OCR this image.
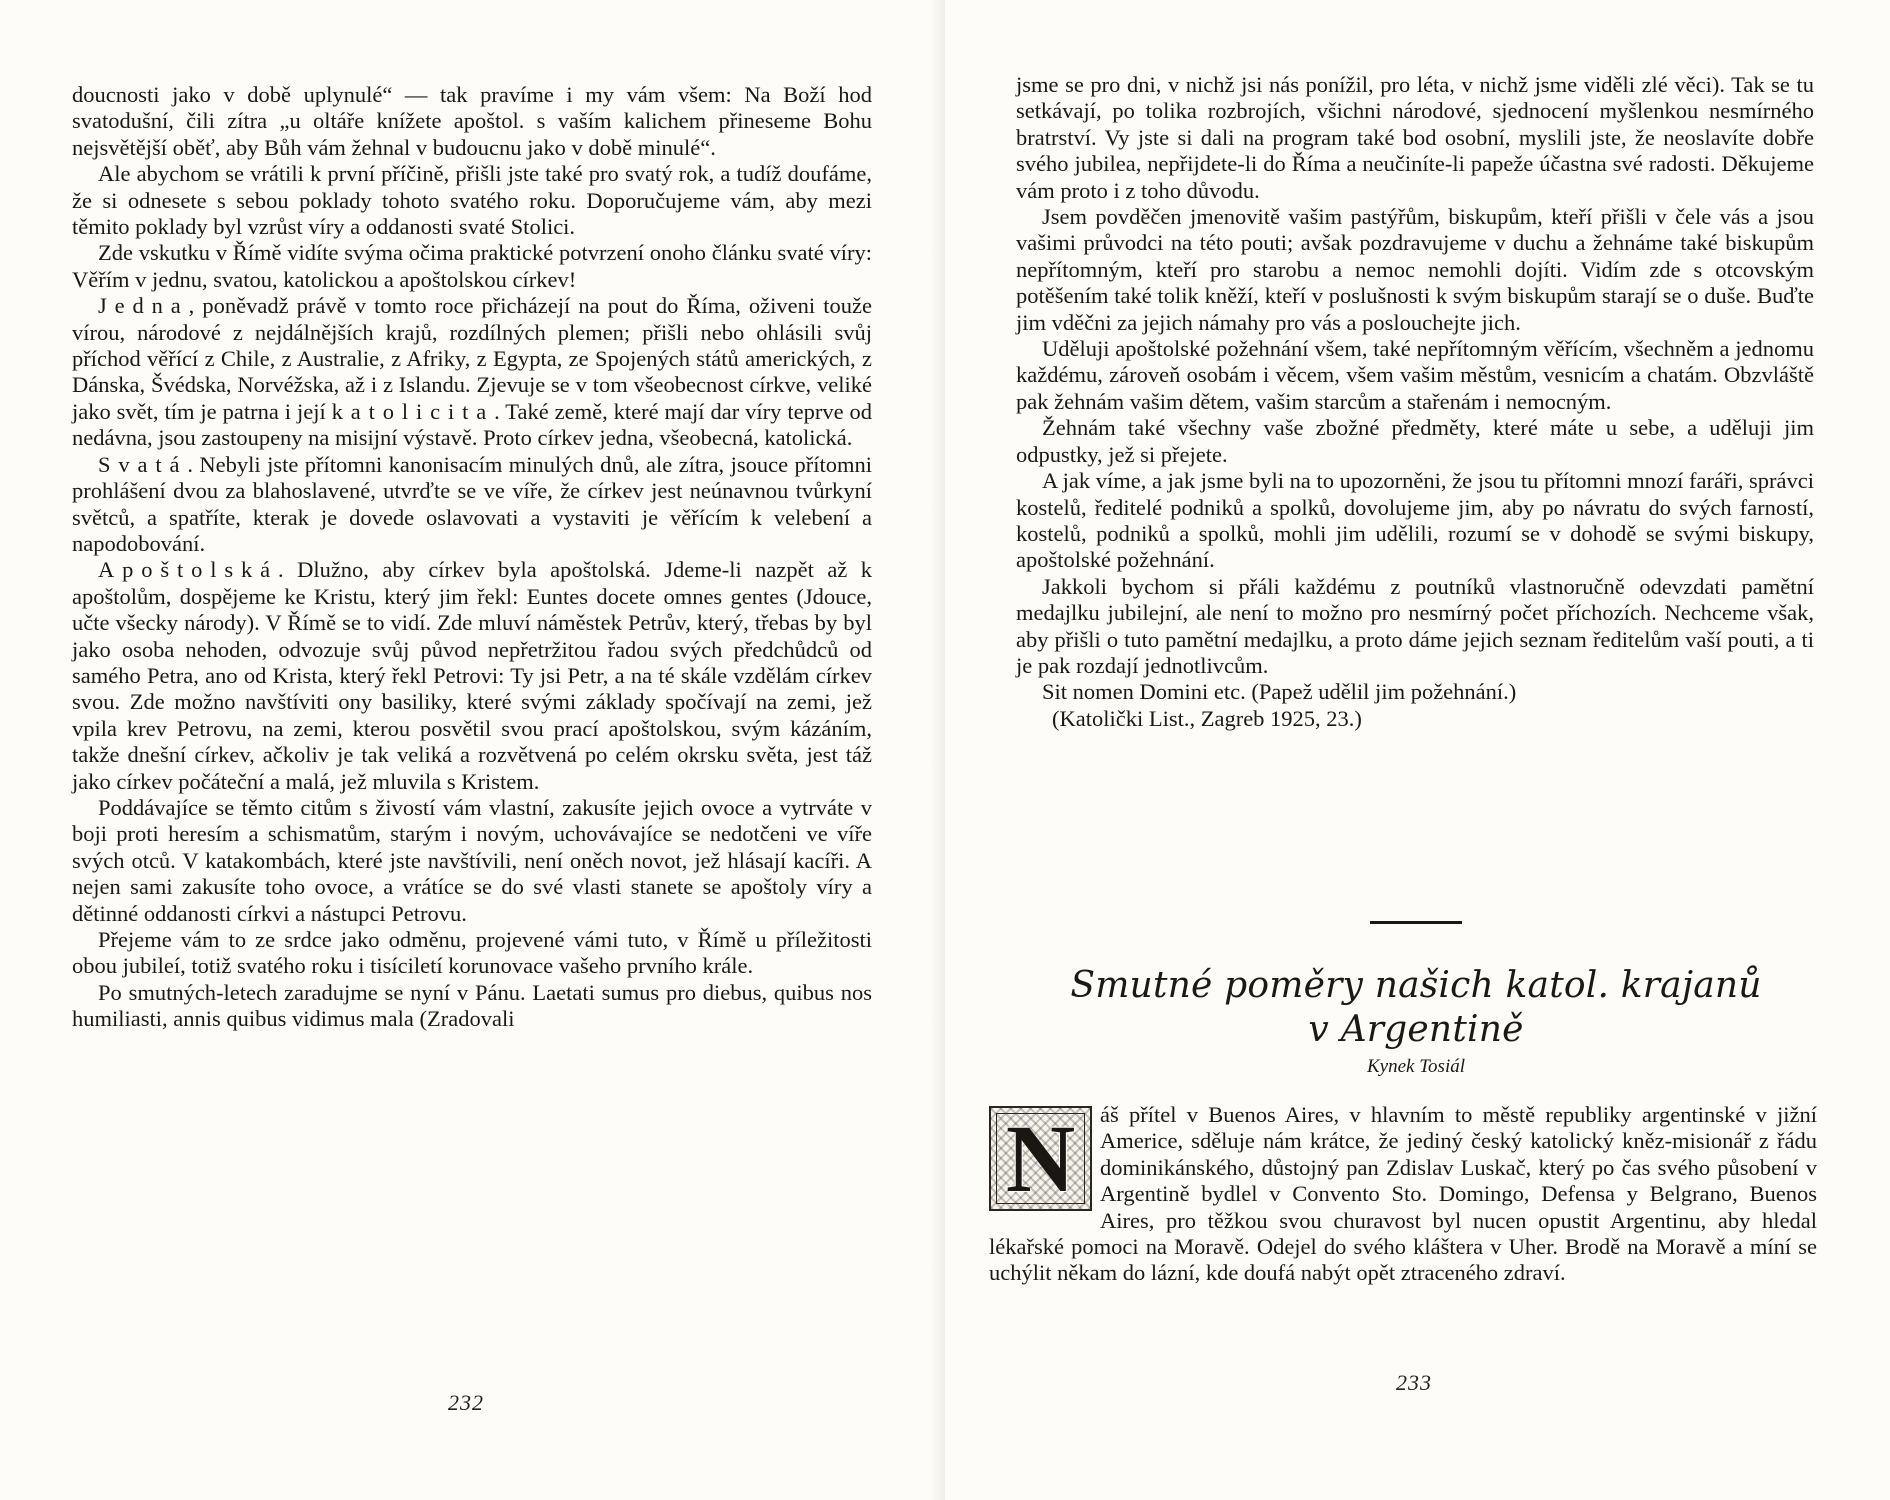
doucnosti jako v době uplynulé“ — tak pravíme i my vám všem: Na Boží hod svatodušní, čili zítra „u oltáře knížete apoštol. s vaším kalichem přineseme Bohu nejsvětější oběť, aby Bůh vám žehnal v budoucnu jako v době minulé“.

Ale abychom se vrátili k první příčině, přišli jste také pro svatý rok, a tudíž doufáme, že si odnesete s sebou poklady tohoto svatého roku. Doporučujeme vám, aby mezi těmito poklady byl vzrůst víry a oddanosti svaté Stolici.

Zde vskutku v Římě vidíte svýma očima praktické potvrzení onoho článku svaté víry: Věřím v jednu, svatou, katolickou a apoštolskou církev!

Jedna, poněvadž právě v tomto roce přicházejí na pout do Říma, oživeni touže vírou, národové z nejdálnějších krajů, rozdílných plemen; přišli nebo ohlásili svůj příchod věřící z Chile, z Australie, z Afriky, z Egypta, ze Spojených států amerických, z Dánska, Švédska, Norvéžska, až i z Islandu. Zjevuje se v tom všeobecnost církve, veliké jako svět, tím je patrna i její katolicita. Také země, které mají dar víry teprve od nedávna, jsou zastoupeny na misijní výstavě. Proto církev jedna, všeobecná, katolická.

Svatá. Nebyli jste přítomni kanonisacím minulých dnů, ale zítra, jsouce přítomni prohlášení dvou za blahoslavené, utvrďte se ve víře, že církev jest neúnavnou tvůrkyní světců, a spatříte, kterak je dovede oslavovati a vystaviti je věřícím k velebení a napodobování.

Apoštolská. Dlužno, aby církev byla apoštolská. Jdeme-li nazpět až k apoštolům, dospějeme ke Kristu, který jim řekl: Euntes docete omnes gentes (Jdouce, učte všecky národy). V Římě se to vidí. Zde mluví náměstek Petrův, který, třebas by byl jako osoba nehoden, odvozuje svůj původ nepřetržitou řadou svých předchůdců od samého Petra, ano od Krista, který řekl Petrovi: Ty jsi Petr, a na té skále vzdělám církev svou. Zde možno navštíviti ony basiliky, které svými základy spočívají na zemi, jež vpila krev Petrovu, na zemi, kterou posvětil svou prací apoštolskou, svým kázáním, takže dnešní církev, ačkoliv je tak veliká a rozvětvená po celém okrsku světa, jest táž jako církev počáteční a malá, jež mluvila s Kristem.

Poddávajíce se těmto citům s živostí vám vlastní, zakusíte jejich ovoce a vytrváte v boji proti heresím a schismatům, starým i novým, uchovávajíce se nedotčeni ve víře svých otců. V katakombách, které jste navštívili, není oněch novot, jež hlásají kacíři. A nejen sami zakusíte toho ovoce, a vrátíce se do své vlasti stanete se apoštoly víry a dětinné oddanosti církvi a nástupci Petrovu.

Přejeme vám to ze srdce jako odměnu, projevené vámi tuto, v Římě u příležitosti obou jubileí, totiž svatého roku i tisíciletí korunovace vašeho prvního krále.

Po smutných-letech zaradujme se nyní v Pánu. Laetati sumus pro diebus, quibus nos humiliasti, annis quibus vidimus mala (Zradovali

232

jsme se pro dni, v nichž jsi nás ponížil, pro léta, v nichž jsme viděli zlé věci). Tak se tu setkávají, po tolika rozbrojích, všichni národové, sjednocení myšlenkou nesmírného bratrství. Vy jste si dali na program také bod osobní, myslili jste, že neoslavíte dobře svého jubilea, nepřijdete-li do Říma a neučiníte-li papeže účastna své radosti. Děkujeme vám proto i z toho důvodu.

Jsem povděčen jmenovitě vašim pastýřům, biskupům, kteří přišli v čele vás a jsou vašimi průvodci na této pouti; avšak pozdravujeme v duchu a žehnáme také biskupům nepřítomným, kteří pro starobu a nemoc nemohli dojíti. Vidím zde s otcovským potěšením také tolik kněží, kteří v poslušnosti k svým biskupům starají se o duše. Buďte jim vděčni za jejich námahy pro vás a poslouchejte jich.

Uděluji apoštolské požehnání všem, také nepřítomným věřícím, všechněm a jednomu každému, zároveň osobám i věcem, všem vašim městům, vesnicím a chatám. Obzvláště pak žehnám vašim dětem, vašim starcům a stařenám i nemocným.

Žehnám také všechny vaše zbožné předměty, které máte u sebe, a uděluji jim odpustky, jež si přejete.

A jak víme, a jak jsme byli na to upozorněni, že jsou tu přítomni mnozí faráři, správci kostelů, ředitelé podniků a spolků, dovolujeme jim, aby po návratu do svých farností, kostelů, podniků a spolků, mohli jim udělili, rozumí se v dohodě se svými biskupy, apoštolské požehnání.

Jakkoli bychom si přáli každému z poutníků vlastnoručně odevzdati pamětní medajlku jubilejní, ale není to možno pro nesmírný počet příchozích. Nechceme však, aby přišli o tuto pamětní medajlku, a proto dáme jejich seznam ředitelům vaší pouti, a ti je pak rozdají jednotlivcům.

Sit nomen Domini etc. (Papež udělil jim požehnání.)

(Katolički List., Zagreb 1925, 23.)

Smutné poměry našich katol. krajanů
v Argentině
Kynek Tosiál
N	áš přítel v Buenos Aires, v hlavním to městě republiky argentinské v jižní Americe, sděluje nám krátce, že jediný český katolický kněz-misionář z řádu dominikánského, důstojný pan Zdislav Luskač, který po čas svého působení v Argentině bydlel v Convento Sto. Domingo, Defensa y Belgrano, Buenos Aires, pro těžkou svou churavost byl nucen opustit Argentinu, aby hledal lékařské pomoci na Moravě. Odejel do svého kláštera v Uher. Brodě na Moravě a míní se uchýlit někam do lázní, kde doufá nabýt opět ztraceného zdraví.

233
